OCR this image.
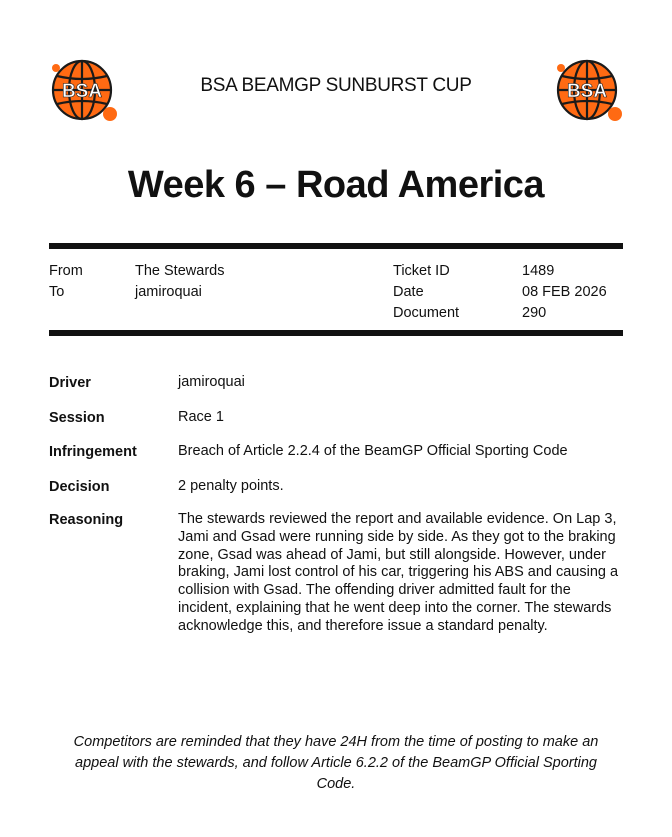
BSA	BSA
BSA BEAMGP SUNBURST CUP
Week 6 – Road America
From	The Stewards
To	jamiroquai
Ticket ID	1489
Date	08 FEB 2026
Document	290
Driver	jamiroquai
Session	Race 1
Infringement	Breach of Article 2.2.4 of the BeamGP Official Sporting Code
Decision	2 penalty points.
Reasoning	The stewards reviewed the report and available evidence. On Lap 3, Jami and Gsad were running side by side. As they got to the braking zone, Gsad was ahead of Jami, but still alongside. However, under braking, Jami lost control of his car, triggering his ABS and causing a collision with Gsad. The offending driver admitted fault for the incident, explaining that he went deep into the corner. The stewards acknowledge this, and therefore issue a standard penalty.

Competitors are reminded that they have 24H from the time of posting to make an appeal with the stewards, and follow Article 6.2.2 of the BeamGP Official Sporting Code.
